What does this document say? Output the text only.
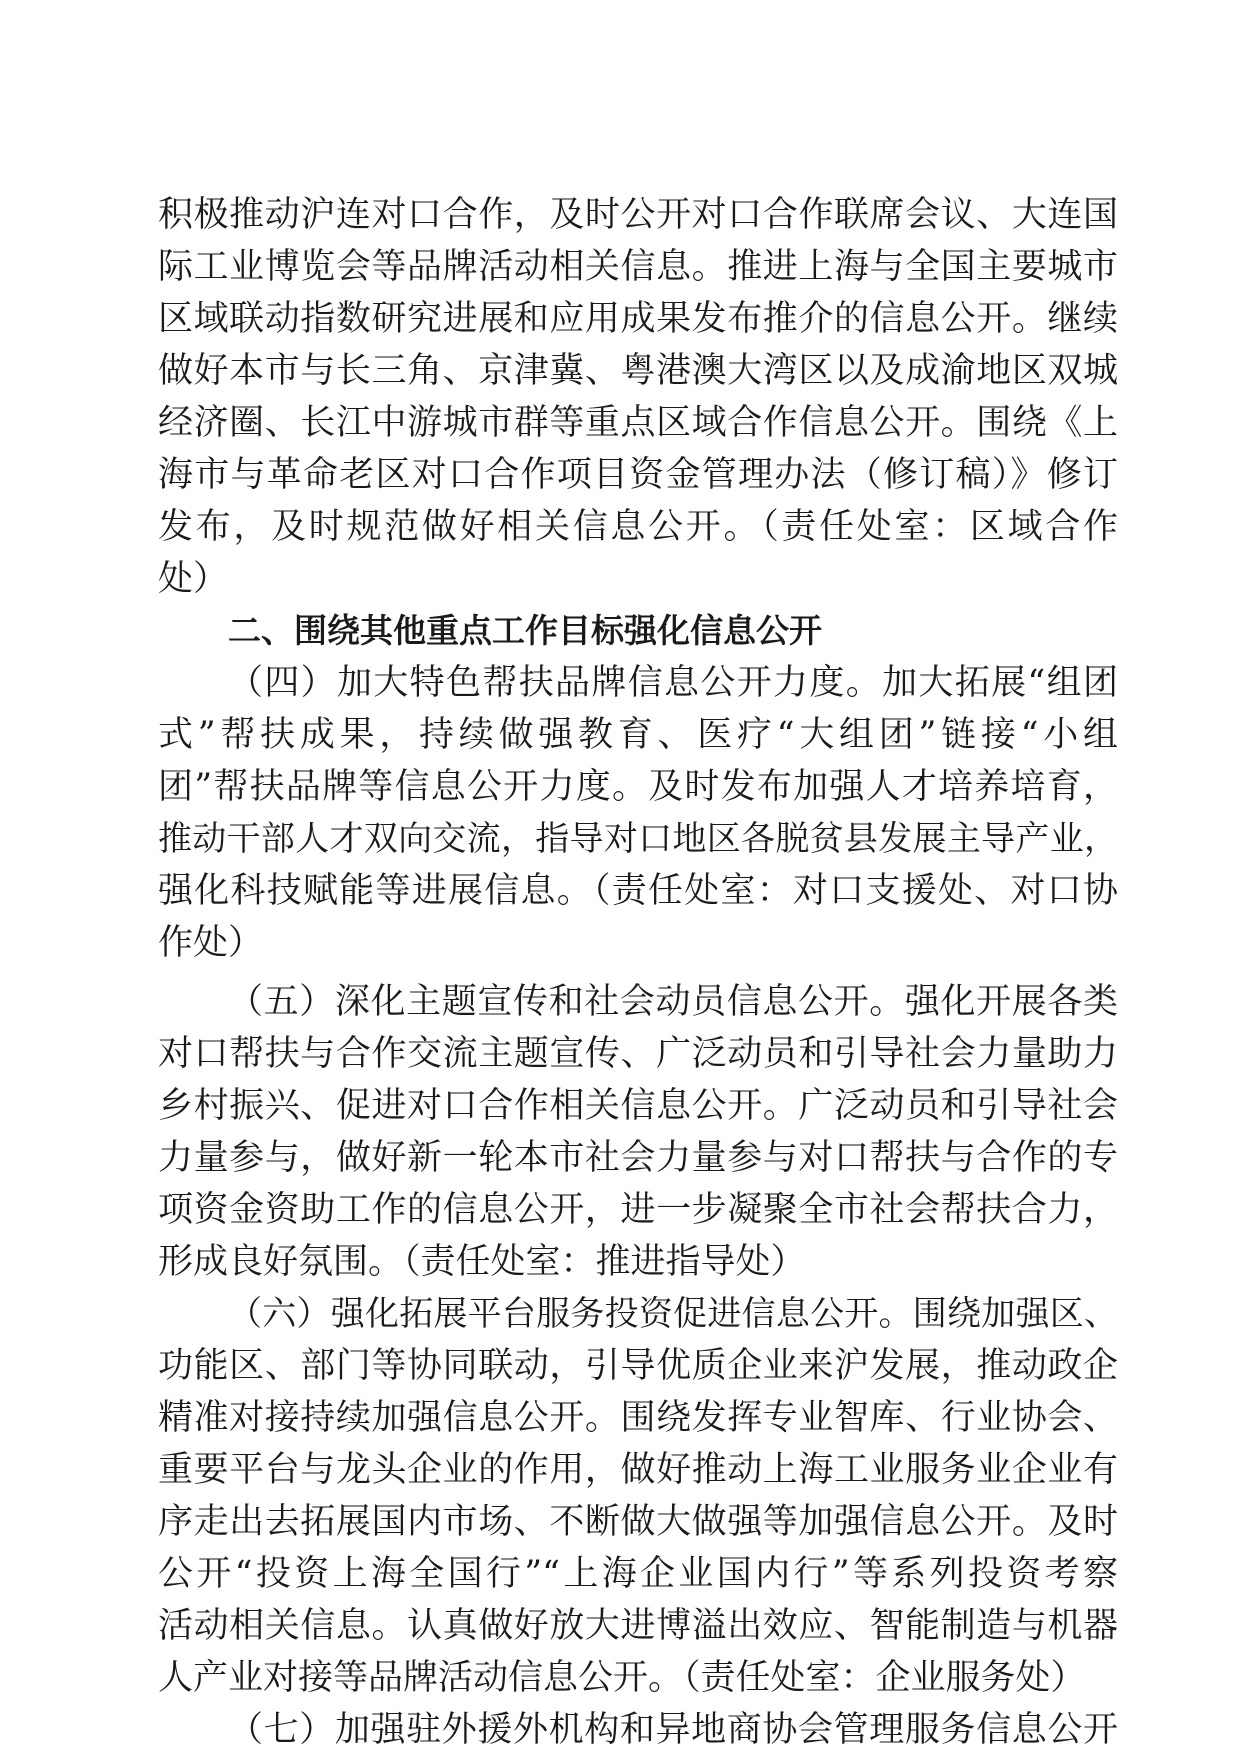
积极推动沪连对口合作，及时公开对口合作联席会议、大连国
际工业博览会等品牌活动相关信息。推进上海与全国主要城市
区域联动指数研究进展和应用成果发布推介的信息公开。继续
做好本市与长三角、京津冀、粤港澳大湾区以及成渝地区双城
经济圈、长江中游城市群等重点区域合作信息公开。围绕《上
海市与革命老区对口合作项目资金管理办法（修订稿）》修订
发布，及时规范做好相关信息公开。（责任处室：区域合作
处）
二、围绕其他重点工作目标强化信息公开
（四）加大特色帮扶品牌信息公开力度。加大拓展“组团
式”帮扶成果，持续做强教育、医疗“大组团”链接“小组
团”帮扶品牌等信息公开力度。及时发布加强人才培养培育，
推动干部人才双向交流，指导对口地区各脱贫县发展主导产业，
强化科技赋能等进展信息。（责任处室：对口支援处、对口协
作处）
（五）深化主题宣传和社会动员信息公开。强化开展各类
对口帮扶与合作交流主题宣传、广泛动员和引导社会力量助力
乡村振兴、促进对口合作相关信息公开。广泛动员和引导社会
力量参与，做好新一轮本市社会力量参与对口帮扶与合作的专
项资金资助工作的信息公开，进一步凝聚全市社会帮扶合力，
形成良好氛围。（责任处室：推进指导处）
（六）强化拓展平台服务投资促进信息公开。围绕加强区、
功能区、部门等协同联动，引导优质企业来沪发展，推动政企
精准对接持续加强信息公开。围绕发挥专业智库、行业协会、
重要平台与龙头企业的作用，做好推动上海工业服务业企业有
序走出去拓展国内市场、不断做大做强等加强信息公开。及时
公开“投资上海全国行”“上海企业国内行”等系列投资考察
活动相关信息。认真做好放大进博溢出效应、智能制造与机器
人产业对接等品牌活动信息公开。（责任处室：企业服务处）
（七）加强驻外援外机构和异地商协会管理服务信息公开
